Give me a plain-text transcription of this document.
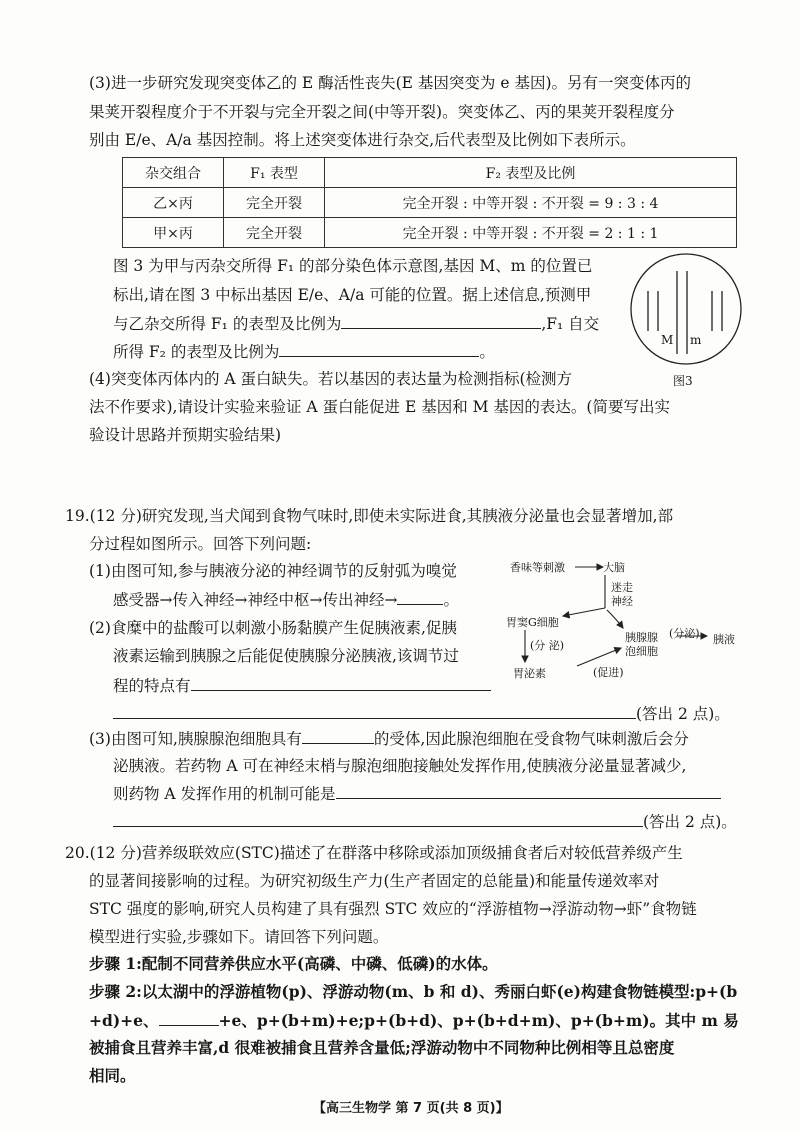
(3)进一步研究发现突变体乙的 E 酶活性丧失(E 基因突变为 e 基因)。另有一突变体丙的
果荚开裂程度介于不开裂与完全开裂之间(中等开裂)。突变体乙、丙的果荚开裂程度分
别由 E/e、A/a 基因控制。将上述突变体进行杂交,后代表型及比例如下表所示。
杂交组合	F₁ 表型	F₂ 表型及比例
乙×丙	完全开裂	完全开裂 : 中等开裂 : 不开裂 = 9 : 3 : 4
甲×丙	完全开裂	完全开裂 : 中等开裂 : 不开裂 = 2 : 1 : 1
图 3 为甲与丙杂交所得 F₁ 的部分染色体示意图,基因 M、m 的位置已
标出,请在图 3 中标出基因 E/e、A/a 可能的位置。据上述信息,预测甲
与乙杂交所得 F₁ 的表型及比例为	,F₁ 自交
所得 F₂ 的表型及比例为	。
M m
图3
(4)突变体丙体内的 A 蛋白缺失。若以基因的表达量为检测指标(检测方
法不作要求),请设计实验来验证 A 蛋白能促进 E 基因和 M 基因的表达。(简要写出实
验设计思路并预期实验结果)
19.(12 分)研究发现,当犬闻到食物气味时,即使未实际进食,其胰液分泌量也会显著增加,部
分过程如图所示。回答下列问题:
(1)由图可知,参与胰液分泌的神经调节的反射弧为嗅觉
感受器→传入神经→神经中枢→传出神经→	。
(2)食糜中的盐酸可以刺激小肠黏膜产生促胰液素,促胰
液素运输到胰腺之后能促使胰腺分泌胰液,该调节过
程的特点有
(答出 2 点)。
香味等刺激	大脑
迷走
神经
胃窦G细胞
(分 泌)
胰腺腺
泡细胞
(分泌) 胰液
胃泌素	(促进)
(3)由图可知,胰腺腺泡细胞具有	的受体,因此腺泡细胞在受食物气味刺激后会分
泌胰液。若药物 A 可在神经末梢与腺泡细胞接触处发挥作用,使胰液分泌量显著减少,
则药物 A 发挥作用的机制可能是
(答出 2 点)。
20.(12 分)营养级联效应(STC)描述了在群落中移除或添加顶级捕食者后对较低营养级产生
的显著间接影响的过程。为研究初级生产力(生产者固定的总能量)和能量传递效率对
STC 强度的影响,研究人员构建了具有强烈 STC 效应的“浮游植物→浮游动物→虾”食物链
模型进行实验,步骤如下。请回答下列问题。
步骤 1:配制不同营养供应水平(高磷、中磷、低磷)的水体。
步骤 2:以太湖中的浮游植物(p)、浮游动物(m、b 和 d)、秀丽白虾(e)构建食物链模型:p+(b
+d)+e、	+e、p+(b+m)+e;p+(b+d)、p+(b+d+m)、p+(b+m)。其中 m 易
被捕食且营养丰富,d 很难被捕食且营养含量低;浮游动物中不同物种比例相等且总密度
相同。
【高三生物学 第 7 页(共 8 页)】
